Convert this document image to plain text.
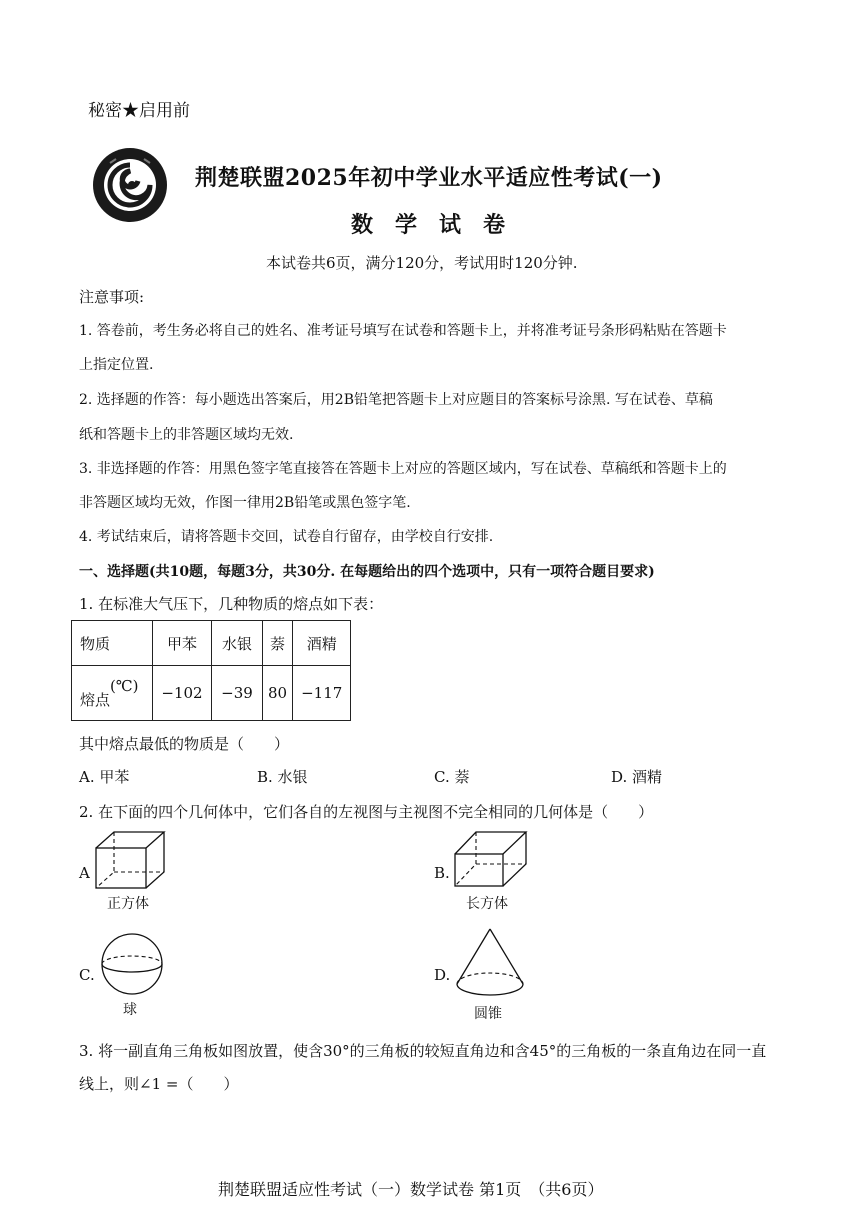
秘密★启用前
荆楚联盟2025年初中学业水平适应性考试(一)
数学试卷
本试卷共6页，满分120分，考试用时120分钟.
注意事项:
1. 答卷前，考生务必将自己的姓名、准考证号填写在试卷和答题卡上，并将准考证号条形码粘贴在答题卡
上指定位置.
2. 选择题的作答：每小题选出答案后，用2B铅笔把答题卡上对应题目的答案标号涂黑. 写在试卷、草稿
纸和答题卡上的非答题区域均无效.
3. 非选择题的作答：用黑色签字笔直接答在答题卡上对应的答题区域内，写在试卷、草稿纸和答题卡上的
非答题区域均无效，作图一律用2B铅笔或黑色签字笔.
4. 考试结束后，请将答题卡交回，试卷自行留存，由学校自行安排.
一、选择题(共10题，每题3分，共30分. 在每题给出的四个选项中，只有一项符合题目要求)
1. 在标准大气压下，几种物质的熔点如下表：
物质	甲苯	水银	萘	酒精
熔点(℃)	−102	−39	80	−117
其中熔点最低的物质是（　　）
A. 甲苯	B. 水银	C. 萘	D. 酒精
2. 在下面的四个几何体中，它们各自的左视图与主视图不完全相同的几何体是（　　）
A
正方体
B.
长方体
C.
球
D.
圆锥
3. 将一副直角三角板如图放置，使含30°的三角板的较短直角边和含45°的三角板的一条直角边在同一直
线上，则∠1 =（　　）
荆楚联盟适应性考试（一）数学试卷 第1页　（共6页）
